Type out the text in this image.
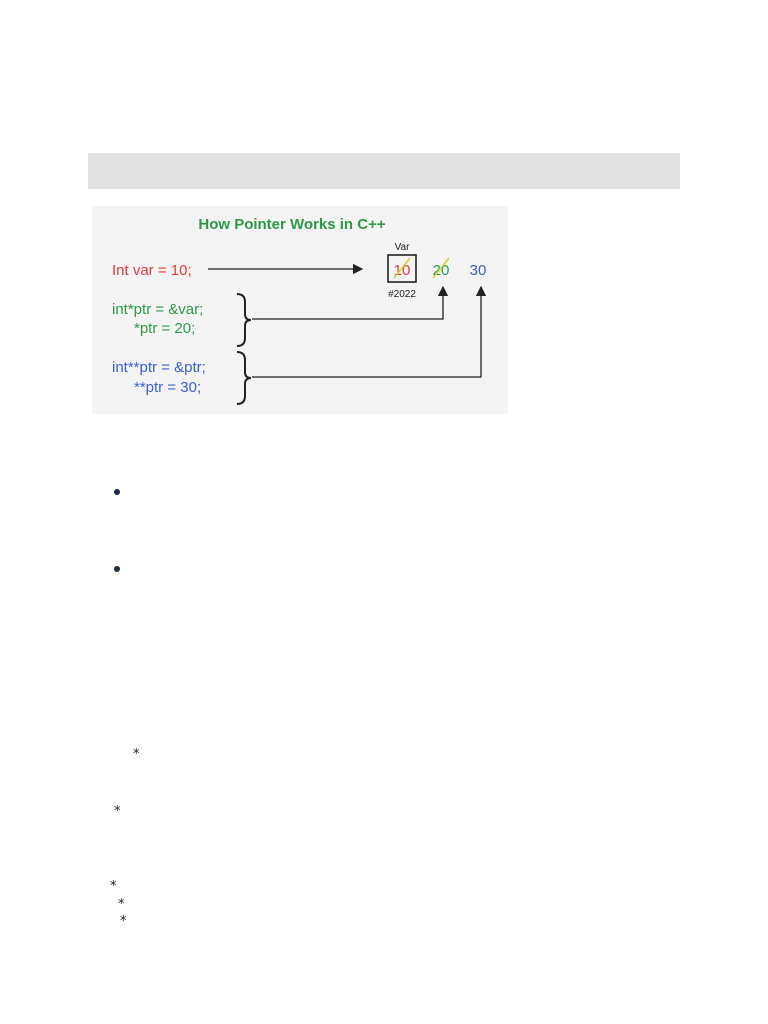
How Pointer Works in C++
Var
10
#2022
20 30
Int var = 10;
int*ptr = &var;
*ptr = 20;
int**ptr = &ptr;
**ptr = 30;
*
*
*
*
*
